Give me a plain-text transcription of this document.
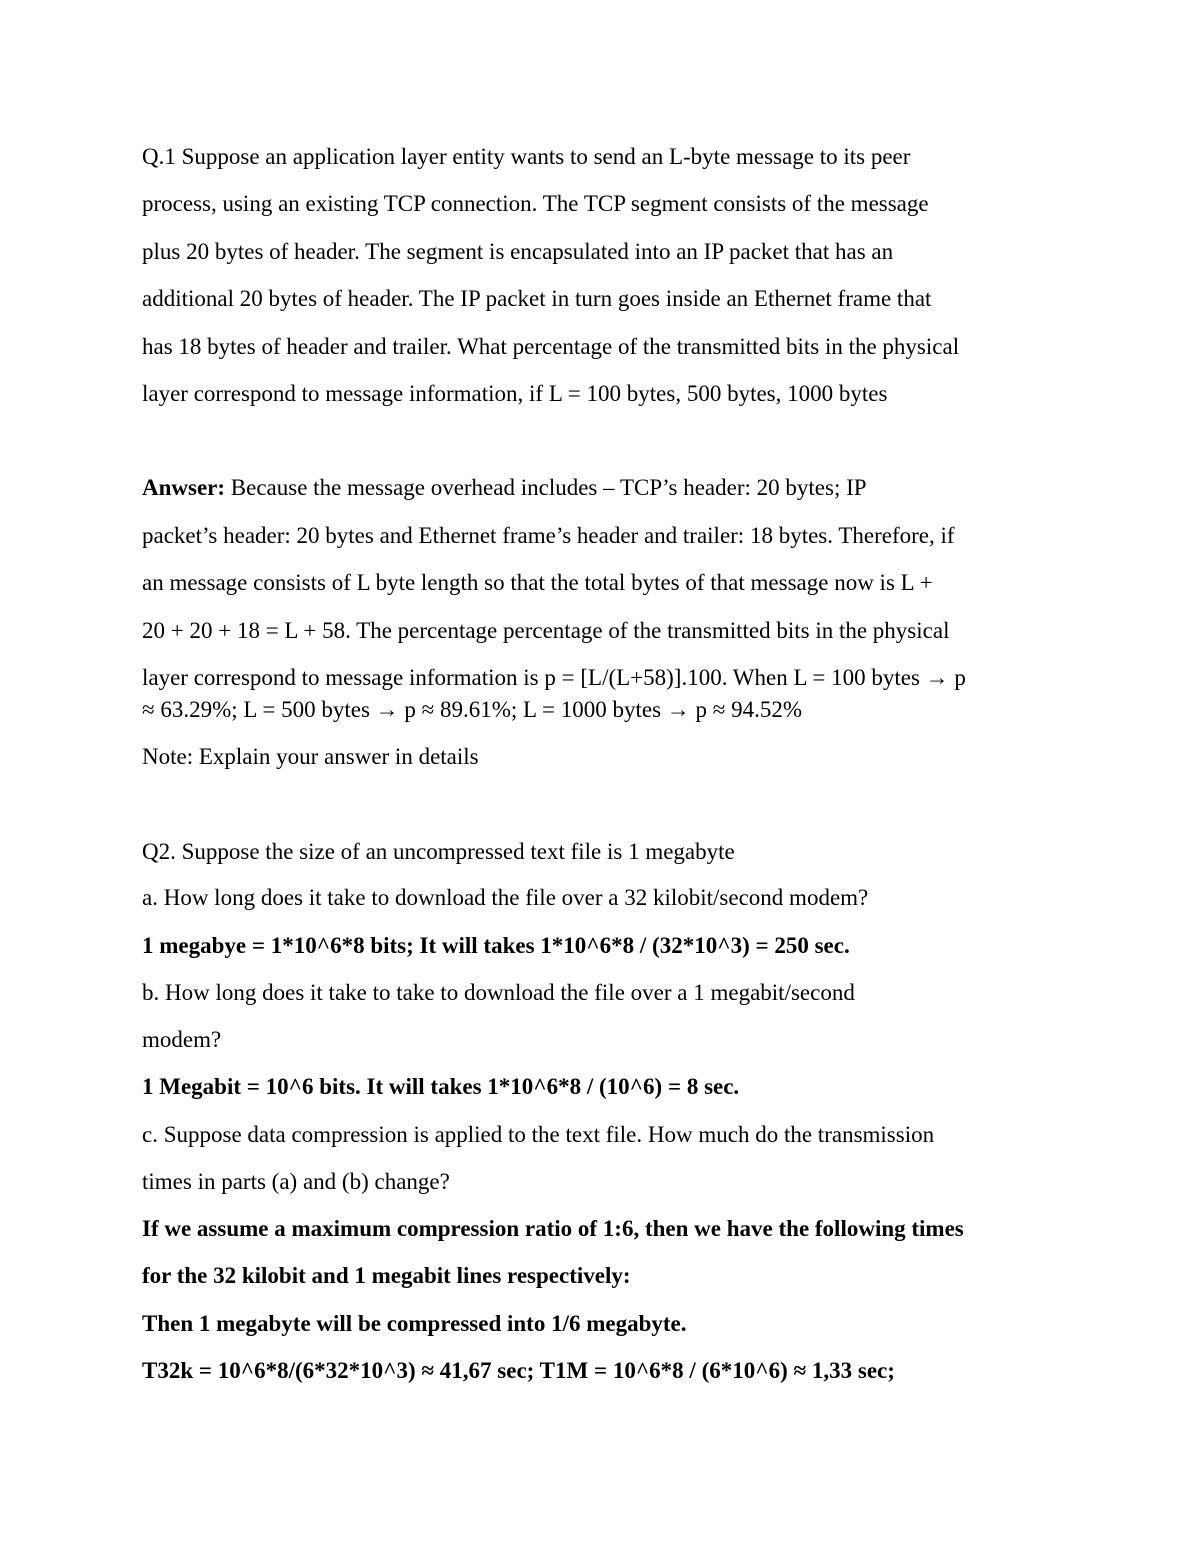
Q.1 Suppose an application layer entity wants to send an L-byte message to its peer
process, using an existing TCP connection. The TCP segment consists of the message
plus 20 bytes of header. The segment is encapsulated into an IP packet that has an
additional 20 bytes of header. The IP packet in turn goes inside an Ethernet frame that
has 18 bytes of header and trailer. What percentage of the transmitted bits in the physical
layer correspond to message information, if L = 100 bytes, 500 bytes, 1000 bytes
Anwser: Because the message overhead includes – TCP’s header: 20 bytes; IP
packet’s header: 20 bytes and Ethernet frame’s header and trailer: 18 bytes. Therefore, if
an message consists of L byte length so that the total bytes of that message now is L +
20 + 20 + 18 = L + 58. The percentage percentage of the transmitted bits in the physical
layer correspond to message information is p = [L/(L+58)].100. When L = 100 bytes → p
≈ 63.29%; L = 500 bytes → p ≈ 89.61%; L = 1000 bytes → p ≈ 94.52%
Note: Explain your answer in details
Q2. Suppose the size of an uncompressed text file is 1 megabyte
a. How long does it take to download the file over a 32 kilobit/second modem?
1 megabye = 1*10^6*8 bits; It will takes 1*10^6*8 / (32*10^3) = 250 sec.
b. How long does it take to take to download the file over a 1 megabit/second
modem?
1 Megabit = 10^6 bits. It will takes 1*10^6*8 / (10^6) = 8 sec.
c. Suppose data compression is applied to the text file. How much do the transmission
times in parts (a) and (b) change?
If we assume a maximum compression ratio of 1:6, then we have the following times
for the 32 kilobit and 1 megabit lines respectively:
Then 1 megabyte will be compressed into 1/6 megabyte.
T32k = 10^6*8/(6*32*10^3) ≈ 41,67 sec; T1M = 10^6*8 / (6*10^6) ≈ 1,33 sec;
